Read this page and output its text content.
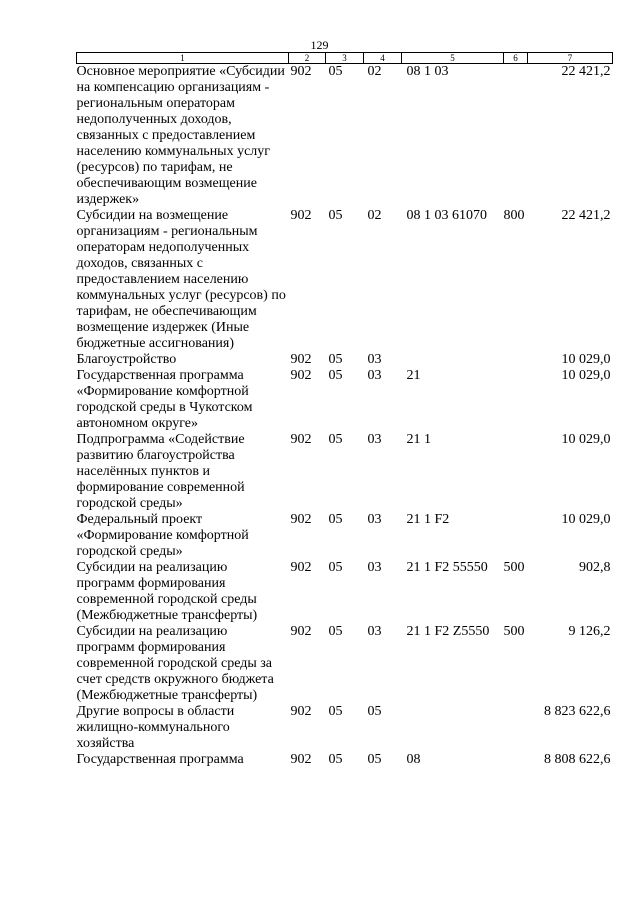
129
1	2	3	4	5	6	7
Основное мероприятие «Субсидии на компенсацию организациям - региональным операторам недополученных доходов, связанных с предоставлением населению коммунальных услуг (ресурсов) по тарифам, не обеспечивающим возмещение издержек»	902	05	02	08 1 03		22 421,2
Субсидии на возмещение организациям - региональным операторам недополученных доходов, связанных с предоставлением населению коммунальных услуг (ресурсов) по тарифам, не обеспечивающим возмещение издержек (Иные бюджетные ассигнования)	902	05	02	08 1 03 61070	800	22 421,2
Благоустройство	902	05	03			10 029,0
Государственная программа «Формирование комфортной городской среды в Чукотском автономном округе»	902	05	03	21		10 029,0
Подпрограмма «Содействие развитию благоустройства населённых пунктов и формирование современной городской среды»	902	05	03	21 1		10 029,0
Федеральный проект «Формирование комфортной городской среды»	902	05	03	21 1 F2		10 029,0
Субсидии на реализацию программ формирования современной городской среды (Межбюджетные трансферты)	902	05	03	21 1 F2 55550	500	902,8
Субсидии на реализацию программ формирования современной городской среды за счет средств окружного бюджета (Межбюджетные трансферты)	902	05	03	21 1 F2 Z5550	500	9 126,2
Другие вопросы в области жилищно-коммунального хозяйства	902	05	05			8 823 622,6
Государственная программа	902	05	05	08		8 808 622,6
